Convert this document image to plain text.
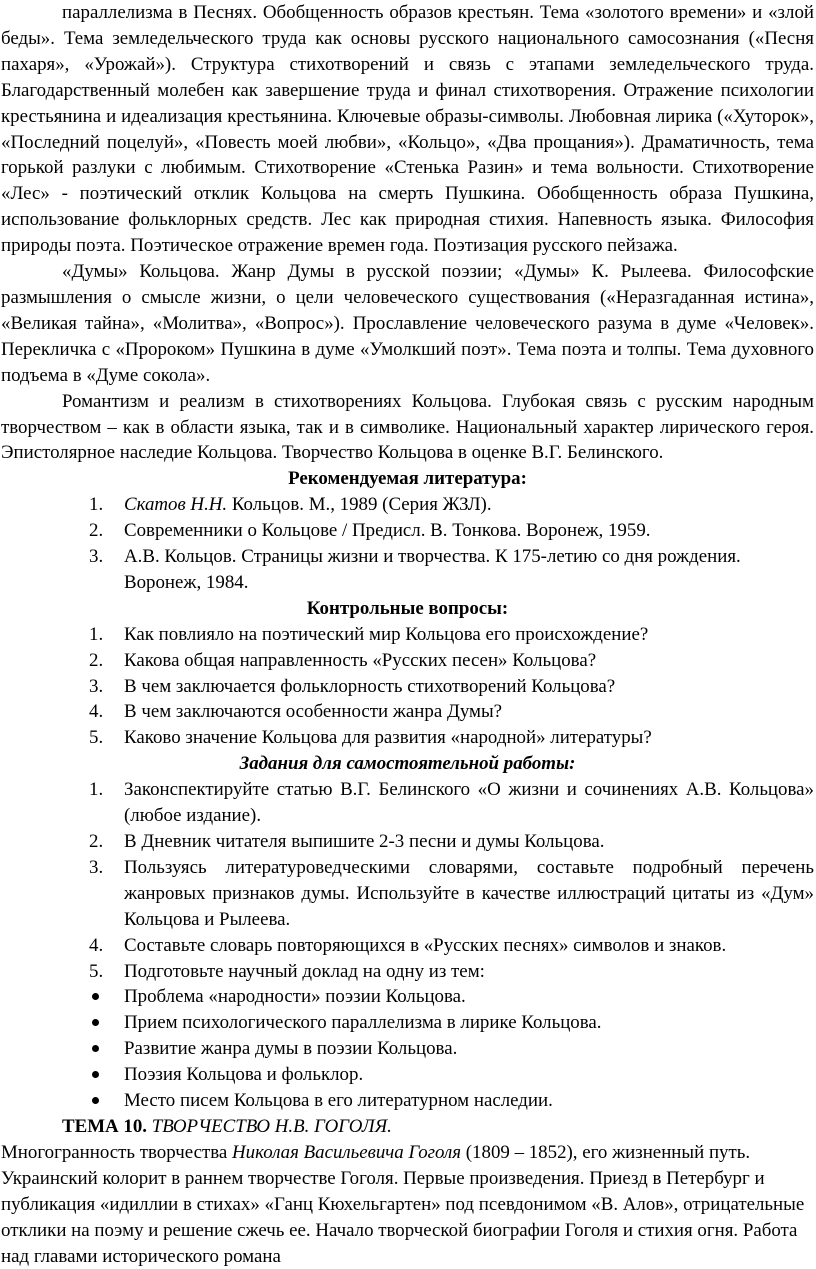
параллелизма в Песнях. Обобщенность образов крестьян. Тема «золотого времени» и «злой беды». Тема земледельческого труда как основы русского национального самосознания («Песня пахаря», «Урожай»). Структура стихотворений и связь с этапами земледельческого труда. Благодарственный молебен как завершение труда и финал стихотворения. Отражение психологии крестьянина и идеализация крестьянина. Ключевые образы-символы. Любовная лирика («Хуторок», «Последний поцелуй», «Повесть моей любви», «Кольцо», «Два прощания»). Драматичность, тема горькой разлуки с любимым. Стихотворение «Стенька Разин» и тема вольности. Стихотворение «Лес» - поэтический отклик Кольцова на смерть Пушкина. Обобщенность образа Пушкина, использование фольклорных средств. Лес как природная стихия. Напевность языка. Философия природы поэта. Поэтическое отражение времен года. Поэтизация русского пейзажа.

«Думы» Кольцова. Жанр Думы в русской поэзии; «Думы» К. Рылеева. Философские размышления о смысле жизни, о цели человеческого существования («Неразгаданная истина», «Великая тайна», «Молитва», «Вопрос»). Прославление человеческого разума в думе «Человек». Перекличка с «Пророком» Пушкина в думе «Умолкший поэт». Тема поэта и толпы. Тема духовного подъема в «Думе сокола».

Романтизм и реализм в стихотворениях Кольцова. Глубокая связь с русским народным творчеством – как в области языка, так и в символике. Национальный характер лирического героя. Эпистолярное наследие Кольцова. Творчество Кольцова в оценке В.Г. Белинского.

Рекомендуемая литература:

1. Скатов Н.Н. Кольцов. М., 1989 (Серия ЖЗЛ).
2. Современники о Кольцове / Предисл. В. Тонкова. Воронеж, 1959.
3. А.В. Кольцов. Страницы жизни и творчества. К 175-летию со дня рождения. Воронеж, 1984.

Контрольные вопросы:

1. Как повлияло на поэтический мир Кольцова его происхождение?
2. Какова общая направленность «Русских песен» Кольцова?
3. В чем заключается фольклорность стихотворений Кольцова?
4. В чем заключаются особенности жанра Думы?
5. Каково значение Кольцова для развития «народной» литературы?

Задания для самостоятельной работы:

1. Законспектируйте статью В.Г. Белинского «О жизни и сочинениях А.В. Кольцова» (любое издание).
2. В Дневник читателя выпишите 2-3 песни и думы Кольцова.
3. Пользуясь литературоведческими словарями, составьте подробный перечень жанровых признаков думы. Используйте в качестве иллюстраций цитаты из «Дум» Кольцова и Рылеева.
4. Составьте словарь повторяющихся в «Русских песнях» символов и знаков.
5. Подготовьте научный доклад на одну из тем:
Проблема «народности» поэзии Кольцова.
Прием психологического параллелизма в лирике Кольцова.
Развитие жанра думы в поэзии Кольцова.
Поэзия Кольцова и фольклор.
Место писем Кольцова в его литературном наследии.

ТЕМА 10. ТВОРЧЕСТВО Н.В. ГОГОЛЯ.

Многогранность творчества Николая Васильевича Гоголя (1809 – 1852), его жизненный путь. Украинский колорит в раннем творчестве Гоголя. Первые произведения. Приезд в Петербург и публикация «идиллии в стихах» «Ганц Кюхельгартен» под псевдонимом «В. Алов», отрицательные отклики на поэму и решение сжечь ее. Начало творческой биографии Гоголя и стихия огня. Работа над главами исторического романа
